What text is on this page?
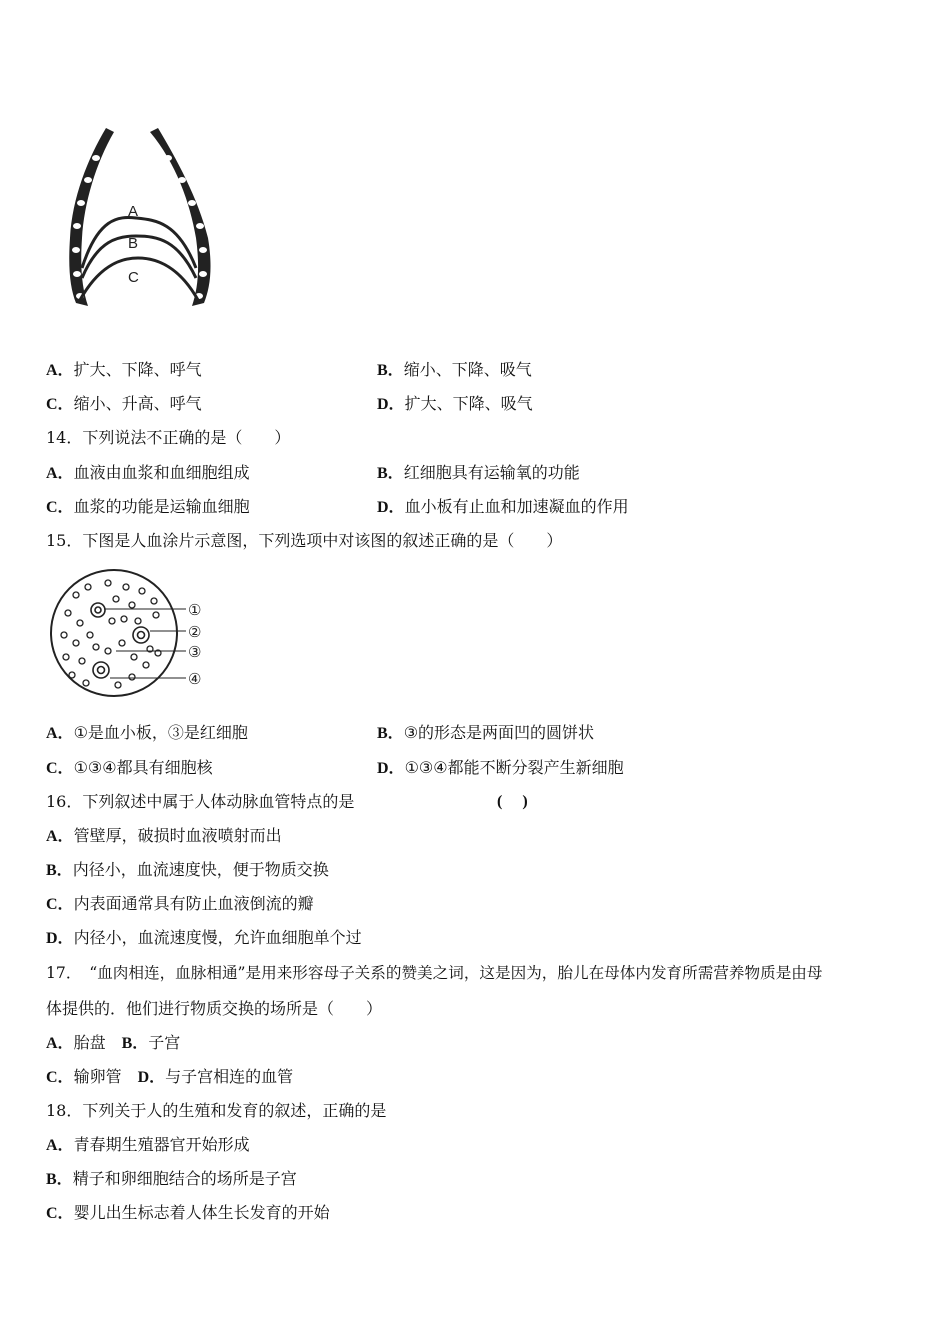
A
B
C
A．扩大、下降、呼气	B．缩小、下降、吸气
C．缩小、升高、呼气	D．扩大、下降、吸气
14．下列说法不正确的是（　　）
A．血液由血浆和血细胞组成	B．红细胞具有运输氧的功能
C．血浆的功能是运输血细胞	D．血小板有止血和加速凝血的作用
15．下图是人血涂片示意图，下列选项中对该图的叙述正确的是（　　）
①
②
③
④
A．①是血小板，③是红细胞	B．③的形态是两面凹的圆饼状
C．①③④都具有细胞核	D．①③④都能不断分裂产生新细胞
16．下列叙述中属于人体动脉血管特点的是	(　 )
A．管壁厚，破损时血液喷射而出
B．内径小，血流速度快，便于物质交换
C．内表面通常具有防止血液倒流的瓣
D．内径小，血流速度慢，允许血细胞单个过
17．　“血肉相连，血脉相通”是用来形容母子关系的赞美之词，这是因为，胎儿在母体内发育所需营养物质是由母
体提供的．他们进行物质交换的场所是（　　）
A．胎盘　B．子宫
C．输卵管　D．与子宫相连的血管
18．下列关于人的生殖和发育的叙述，正确的是
A．青春期生殖器官开始形成
B．精子和卵细胞结合的场所是子宫
C．婴儿出生标志着人体生长发育的开始
